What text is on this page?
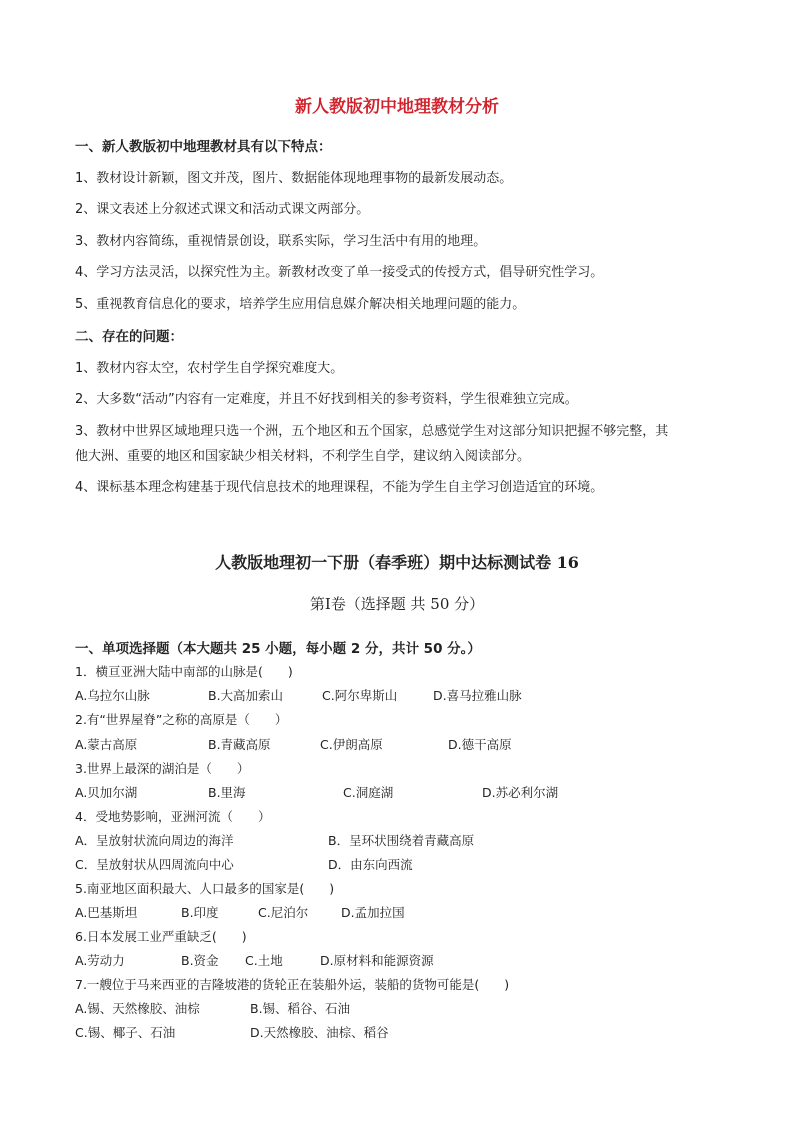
新人教版初中地理教材分析
一、新人教版初中地理教材具有以下特点：
1、教材设计新颖，图文并茂，图片、数据能体现地理事物的最新发展动态。
2、课文表述上分叙述式课文和活动式课文两部分。
3、教材内容简练，重视情景创设，联系实际，学习生活中有用的地理。
4、学习方法灵活，以探究性为主。新教材改变了单一接受式的传授方式，倡导研究性学习。
5、重视教育信息化的要求，培养学生应用信息媒介解决相关地理问题的能力。
二、存在的问题：
1、教材内容太空，农村学生自学探究难度大。
2、大多数“活动”内容有一定难度，并且不好找到相关的参考资料，学生很难独立完成。
3、教材中世界区域地理只选一个洲，五个地区和五个国家，总感觉学生对这部分知识把握不够完整，其
他大洲、重要的地区和国家缺少相关材料，不利学生自学，建议纳入阅读部分。
4、课标基本理念构建基于现代信息技术的地理课程，不能为学生自主学习创造适宜的环境。
人教版地理初一下册（春季班）期中达标测试卷 16
第Ⅰ卷（选择题 共 50 分）
一、单项选择题（本大题共 25 小题，每小题 2 分，共计 50 分。）
1．横亘亚洲大陆中南部的山脉是(　　)
A.乌拉尔山脉	B.大高加索山	C.阿尔卑斯山	D.喜马拉雅山脉
2.有“世界屋脊”之称的高原是（　　）
A.蒙古高原	B.青藏高原	C.伊朗高原	D.德干高原
3.世界上最深的湖泊是（　　）
A.贝加尔湖	B.里海	C.洞庭湖	D.苏必利尔湖
4．受地势影响，亚洲河流（　　）
A．呈放射状流向周边的海洋	B．呈环状围绕着青藏高原
C．呈放射状从四周流向中心	D．由东向西流
5.南亚地区面积最大、人口最多的国家是(　　)
A.巴基斯坦	B.印度	C.尼泊尔	D.孟加拉国
6.日本发展工业严重缺乏(　　)
A.劳动力	B.资金 C.土地	D.原材料和能源资源
7.一艘位于马来西亚的吉隆坡港的货轮正在装船外运，装船的货物可能是(　　)
A.锡、天然橡胶、油棕	B.锡、稻谷、石油
C.锡、椰子、石油	D.天然橡胶、油棕、稻谷
